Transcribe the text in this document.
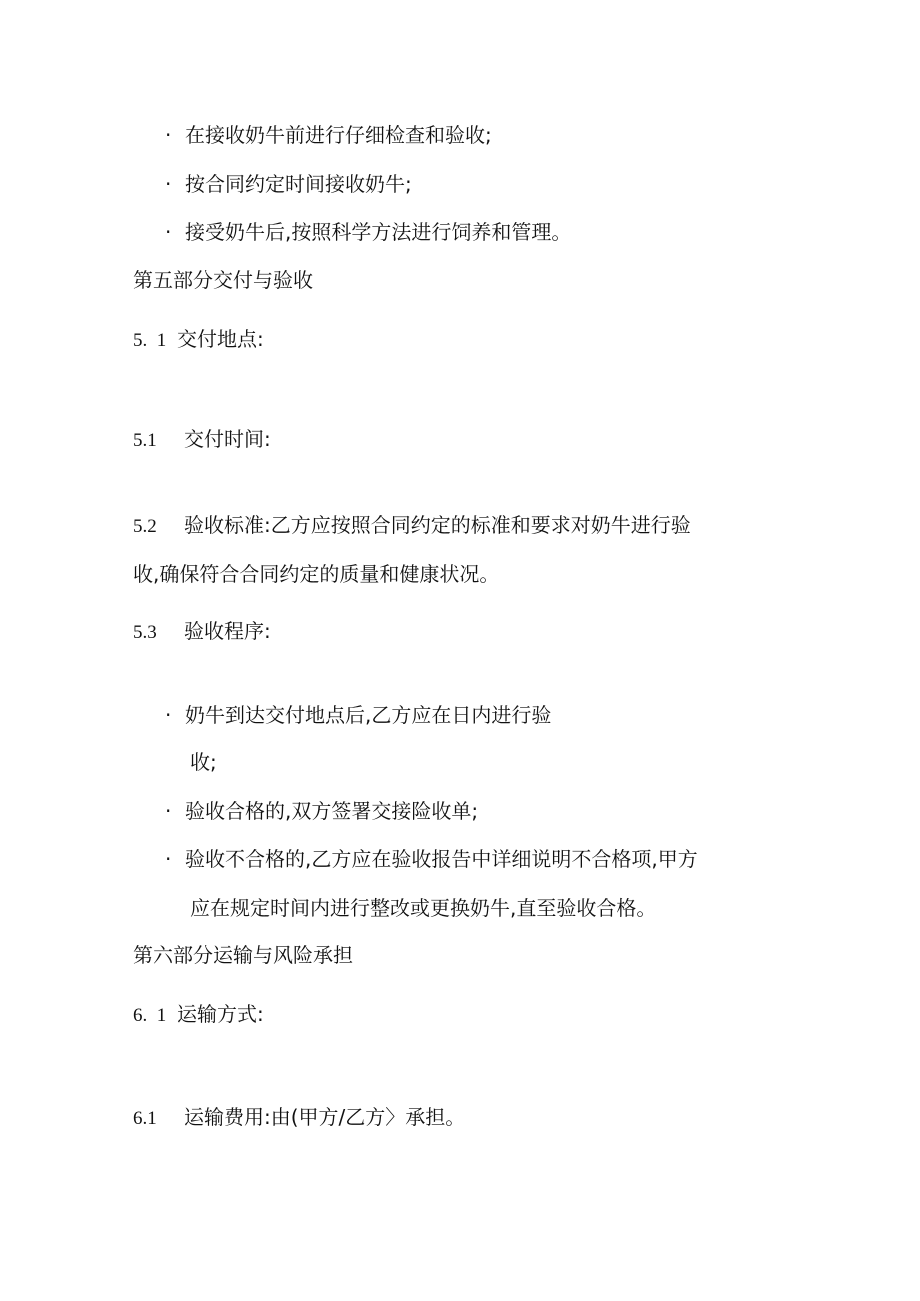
· 在接收奶牛前进行仔细检查和验收;
· 按合同约定时间接收奶牛;
· 接受奶牛后,按照科学方法进行饲养和管理。
第五部分交付与验收
5.  1 交付地点:
5.1 交付时间:
5.2 验收标准:乙方应按照合同约定的标准和要求对奶牛进行验
收,确保符合合同约定的质量和健康状况。
5.3 验收程序:
· 奶牛到达交付地点后,乙方应在日内进行验
收;
· 验收合格的,双方签署交接险收单;
· 验收不合格的,乙方应在验收报告中详细说明不合格项,甲方
应在规定时间内进行整改或更换奶牛,直至验收合格。
第六部分运输与风险承担
6.  1 运输方式:
6.1 运输费用:由(甲方/乙方〉承担。
